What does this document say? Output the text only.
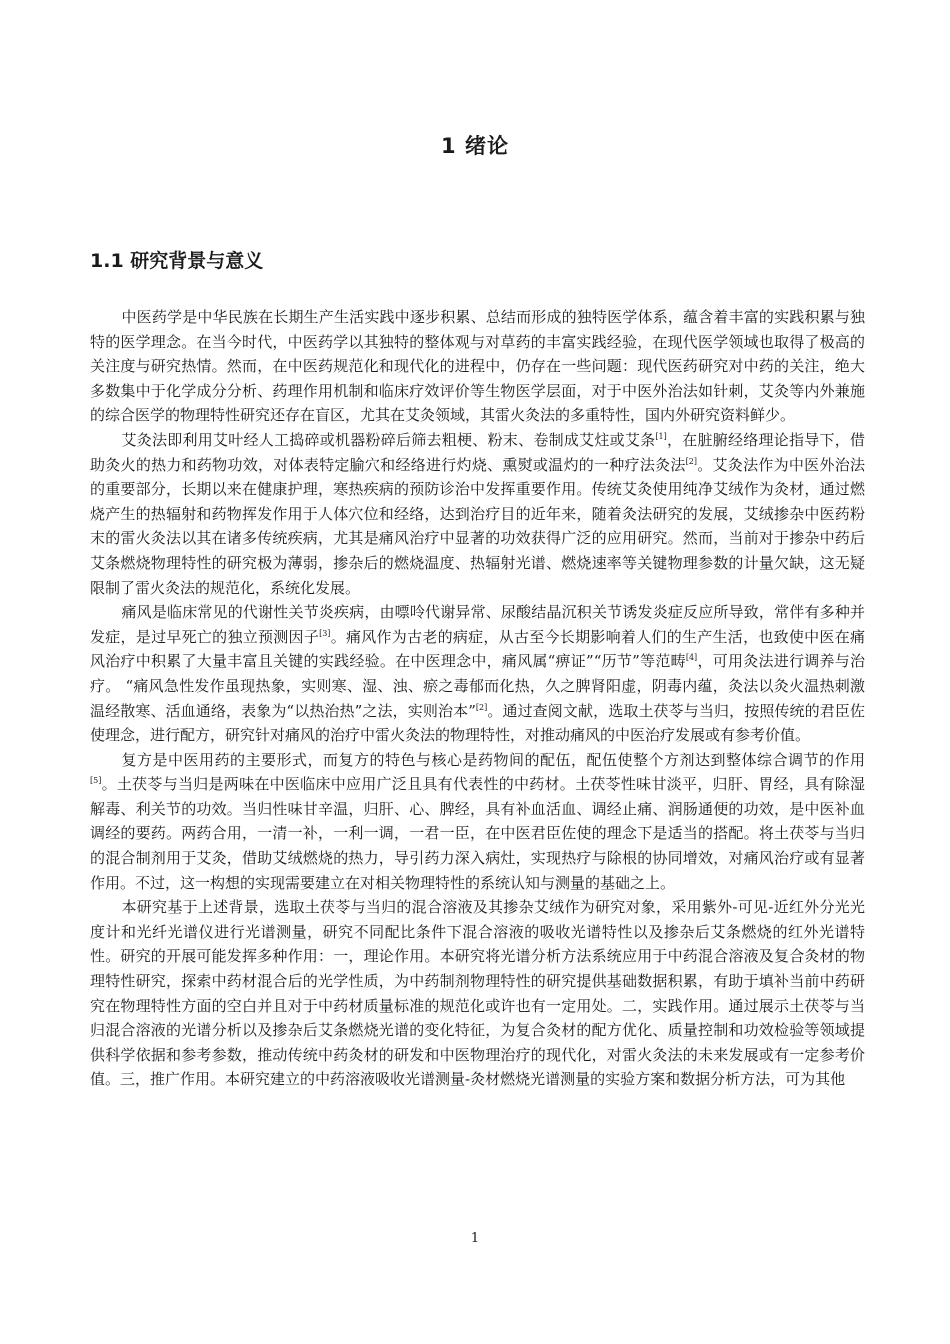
1 绪论
1.1 研究背景与意义

中医药学是中华民族在长期生产生活实践中逐步积累、总结而形成的独特医学体系，蕴含着丰富的实践积累与独特的医学理念。在当今时代，中医药学以其独特的整体观与对草药的丰富实践经验，在现代医学领域也取得了极高的关注度与研究热情。然而，在中医药规范化和现代化的进程中，仍存在一些问题：现代医药研究对中药的关注，绝大多数集中于化学成分分析、药理作用机制和临床疗效评价等生物医学层面，对于中医外治法如针刺，艾灸等内外兼施的综合医学的物理特性研究还存在盲区，尤其在艾灸领域，其雷火灸法的多重特性，国内外研究资料鲜少。

艾灸法即利用艾叶经人工捣碎或机器粉碎后筛去粗梗、粉末、卷制成艾炷或艾条[1]，在脏腑经络理论指导下，借助灸火的热力和药物功效，对体表特定腧穴和经络进行灼烧、熏熨或温灼的一种疗法灸法[2]。艾灸法作为中医外治法的重要部分，长期以来在健康护理，寒热疾病的预防诊治中发挥重要作用。传统艾灸使用纯净艾绒作为灸材，通过燃烧产生的热辐射和药物挥发作用于人体穴位和经络，达到治疗目的近年来，随着灸法研究的发展，艾绒掺杂中医药粉末的雷火灸法以其在诸多传统疾病，尤其是痛风治疗中显著的功效获得广泛的应用研究。然而，当前对于掺杂中药后艾条燃烧物理特性的研究极为薄弱，掺杂后的燃烧温度、热辐射光谱、燃烧速率等关键物理参数的计量欠缺，这无疑限制了雷火灸法的规范化，系统化发展。

痛风是临床常见的代谢性关节炎疾病，由嘌呤代谢异常、尿酸结晶沉积关节诱发炎症反应所导致，常伴有多种并发症，是过早死亡的独立预测因子[3]。痛风作为古老的病症，从古至今长期影响着人们的生产生活，也致使中医在痛风治疗中积累了大量丰富且关键的实践经验。在中医理念中，痛风属“痹证”“历节”等范畴[4]，可用灸法进行调养与治疗。 “痛风急性发作虽现热象，实则寒、湿、浊、瘀之毒郁而化热，久之脾肾阳虚，阴毒内蕴，灸法以灸火温热刺激温经散寒、活血通络，表象为“以热治热”之法，实则治本”[2]。通过查阅文献，选取土茯苓与当归，按照传统的君臣佐使理念，进行配方，研究针对痛风的治疗中雷火灸法的物理特性，对推动痛风的中医治疗发展或有参考价值。

复方是中医用药的主要形式，而复方的特色与核心是药物间的配伍，配伍使整个方剂达到整体综合调节的作用[5]。土茯苓与当归是两味在中医临床中应用广泛且具有代表性的中药材。土茯苓性味甘淡平，归肝、胃经，具有除湿解毒、利关节的功效。当归性味甘辛温，归肝、心、脾经，具有补血活血、调经止痛、润肠通便的功效，是中医补血调经的要药。两药合用，一清一补，一利一调，一君一臣，在中医君臣佐使的理念下是适当的搭配。将土茯苓与当归的混合制剂用于艾灸，借助艾绒燃烧的热力，导引药力深入病灶，实现热疗与除根的协同增效，对痛风治疗或有显著作用。不过，这一构想的实现需要建立在对相关物理特性的系统认知与测量的基础之上。

本研究基于上述背景，选取土茯苓与当归的混合溶液及其掺杂艾绒作为研究对象，采用紫外-可见-近红外分光光度计和光纤光谱仪进行光谱测量，研究不同配比条件下混合溶液的吸收光谱特性以及掺杂后艾条燃烧的红外光谱特性。研究的开展可能发挥多种作用：一，理论作用。本研究将光谱分析方法系统应用于中药混合溶液及复合灸材的物理特性研究，探索中药材混合后的光学性质，为中药制剂物理特性的研究提供基础数据积累，有助于填补当前中药研究在物理特性方面的空白并且对于中药材质量标准的规范化或许也有一定用处。二，实践作用。通过展示土茯苓与当归混合溶液的光谱分析以及掺杂后艾条燃烧光谱的变化特征，为复合灸材的配方优化、质量控制和功效检验等领域提供科学依据和参考参数，推动传统中药灸材的研发和中医物理治疗的现代化，对雷火灸法的未来发展或有一定参考价值。三，推广作用。本研究建立的中药溶液吸收光谱测量-灸材燃烧光谱测量的实验方案和数据分析方法，可为其他

1
